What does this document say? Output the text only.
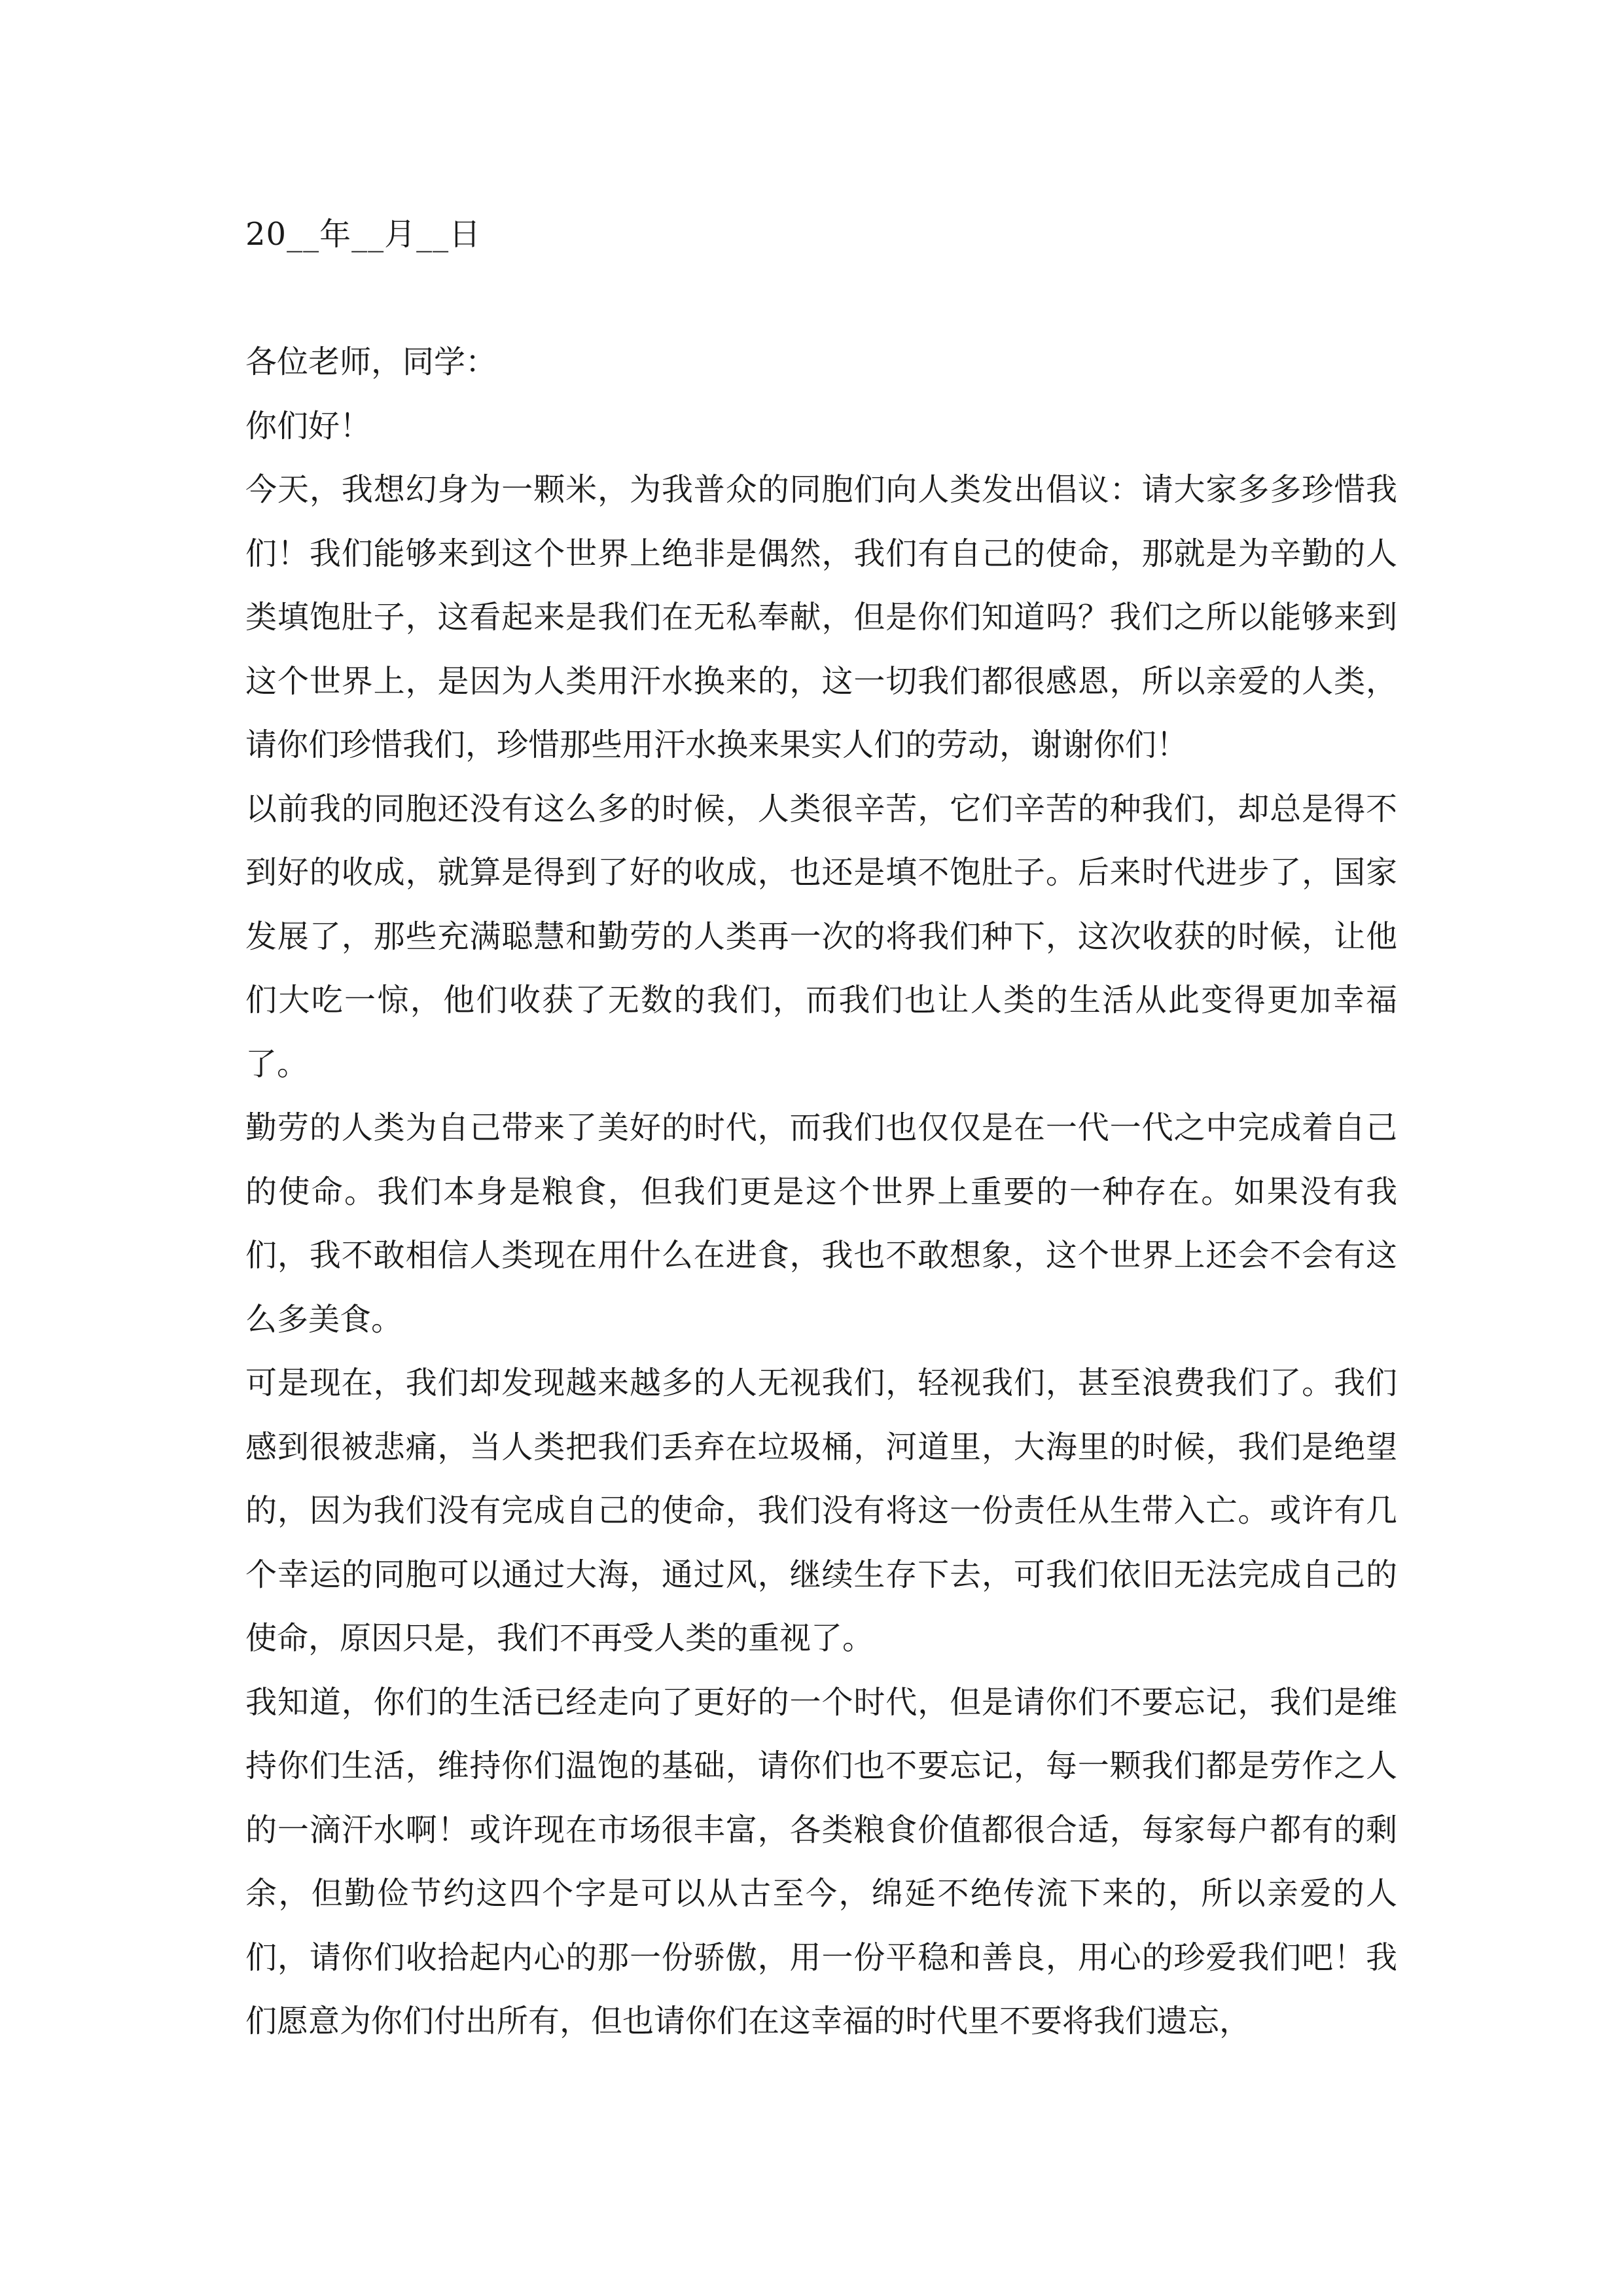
20__年__月__日

各位老师，同学：

你们好！

今天，我想幻身为一颗米，为我普众的同胞们向人类发出倡议：请大家多多珍惜我们！我们能够来到这个世界上绝非是偶然，我们有自己的使命，那就是为辛勤的人类填饱肚子，这看起来是我们在无私奉献，但是你们知道吗？我们之所以能够来到这个世界上，是因为人类用汗水换来的，这一切我们都很感恩，所以亲爱的人类，请你们珍惜我们，珍惜那些用汗水换来果实人们的劳动，谢谢你们！

以前我的同胞还没有这么多的时候，人类很辛苦，它们辛苦的种我们，却总是得不到好的收成，就算是得到了好的收成，也还是填不饱肚子。后来时代进步了，国家发展了，那些充满聪慧和勤劳的人类再一次的将我们种下，这次收获的时候，让他们大吃一惊，他们收获了无数的我们，而我们也让人类的生活从此变得更加幸福了。

勤劳的人类为自己带来了美好的时代，而我们也仅仅是在一代一代之中完成着自己的使命。我们本身是粮食，但我们更是这个世界上重要的一种存在。如果没有我们，我不敢相信人类现在用什么在进食，我也不敢想象，这个世界上还会不会有这么多美食。

可是现在，我们却发现越来越多的人无视我们，轻视我们，甚至浪费我们了。我们感到很被悲痛，当人类把我们丢弃在垃圾桶，河道里，大海里的时候，我们是绝望的，因为我们没有完成自己的使命，我们没有将这一份责任从生带入亡。或许有几个幸运的同胞可以通过大海，通过风，继续生存下去，可我们依旧无法完成自己的使命，原因只是，我们不再受人类的重视了。

我知道，你们的生活已经走向了更好的一个时代，但是请你们不要忘记，我们是维持你们生活，维持你们温饱的基础，请你们也不要忘记，每一颗我们都是劳作之人的一滴汗水啊！或许现在市场很丰富，各类粮食价值都很合适，每家每户都有的剩余，但勤俭节约这四个字是可以从古至今，绵延不绝传流下来的，所以亲爱的人们，请你们收拾起内心的那一份骄傲，用一份平稳和善良，用心的珍爱我们吧！我们愿意为你们付出所有，但也请你们在这幸福的时代里不要将我们遗忘，
